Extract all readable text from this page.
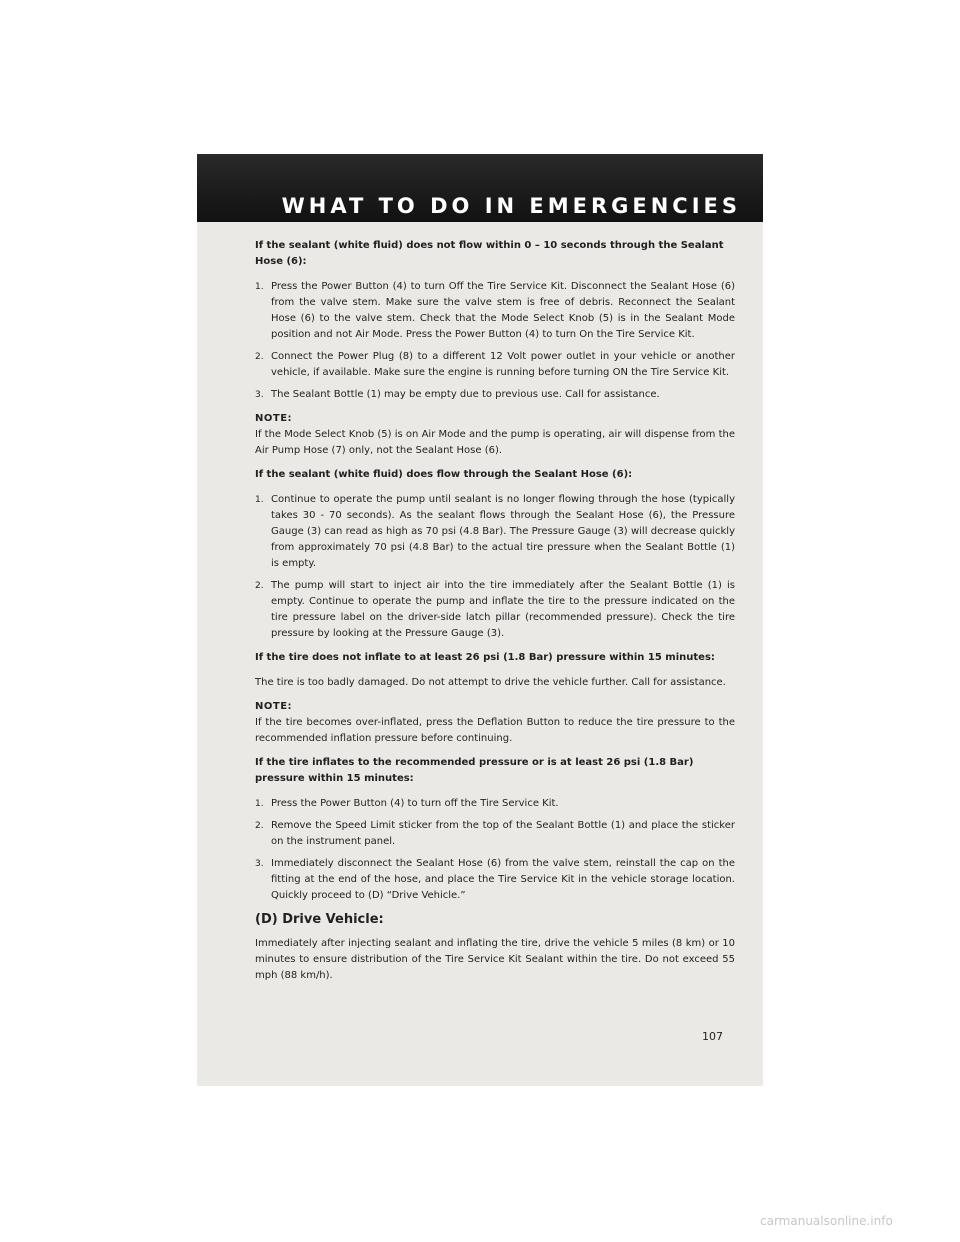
WHAT TO DO IN EMERGENCIES

If the sealant (white fluid) does not flow within 0 – 10 seconds through the Sealant Hose (6):

1. Press the Power Button (4) to turn Off the Tire Service Kit. Disconnect the Sealant Hose (6) from the valve stem. Make sure the valve stem is free of debris. Reconnect the Sealant Hose (6) to the valve stem. Check that the Mode Select Knob (5) is in the Sealant Mode position and not Air Mode. Press the Power Button (4) to turn On the Tire Service Kit.
2. Connect the Power Plug (8) to a different 12 Volt power outlet in your vehicle or another vehicle, if available. Make sure the engine is running before turning ON the Tire Service Kit.
3. The Sealant Bottle (1) may be empty due to previous use. Call for assistance.

NOTE:

If the Mode Select Knob (5) is on Air Mode and the pump is operating, air will dispense from the Air Pump Hose (7) only, not the Sealant Hose (6).

If the sealant (white fluid) does flow through the Sealant Hose (6):

1. Continue to operate the pump until sealant is no longer flowing through the hose (typically takes 30 - 70 seconds). As the sealant flows through the Sealant Hose (6), the Pressure Gauge (3) can read as high as 70 psi (4.8 Bar). The Pressure Gauge (3) will decrease quickly from approximately 70 psi (4.8 Bar) to the actual tire pressure when the Sealant Bottle (1) is empty.
2. The pump will start to inject air into the tire immediately after the Sealant Bottle (1) is empty. Continue to operate the pump and inflate the tire to the pressure indicated on the tire pressure label on the driver-side latch pillar (recommended pressure). Check the tire pressure by looking at the Pressure Gauge (3).

If the tire does not inflate to at least 26 psi (1.8 Bar) pressure within 15 minutes:

The tire is too badly damaged. Do not attempt to drive the vehicle further. Call for assistance.

NOTE:

If the tire becomes over-inflated, press the Deflation Button to reduce the tire pressure to the recommended inflation pressure before continuing.

If the tire inflates to the recommended pressure or is at least 26 psi (1.8 Bar) pressure within 15 minutes:

1. Press the Power Button (4) to turn off the Tire Service Kit.
2. Remove the Speed Limit sticker from the top of the Sealant Bottle (1) and place the sticker on the instrument panel.
3. Immediately disconnect the Sealant Hose (6) from the valve stem, reinstall the cap on the fitting at the end of the hose, and place the Tire Service Kit in the vehicle storage location. Quickly proceed to (D) “Drive Vehicle.”

(D) Drive Vehicle:

Immediately after injecting sealant and inflating the tire, drive the vehicle 5 miles (8 km) or 10 minutes to ensure distribution of the Tire Service Kit Sealant within the tire. Do not exceed 55 mph (88 km/h).

107
carmanualsonline.info
